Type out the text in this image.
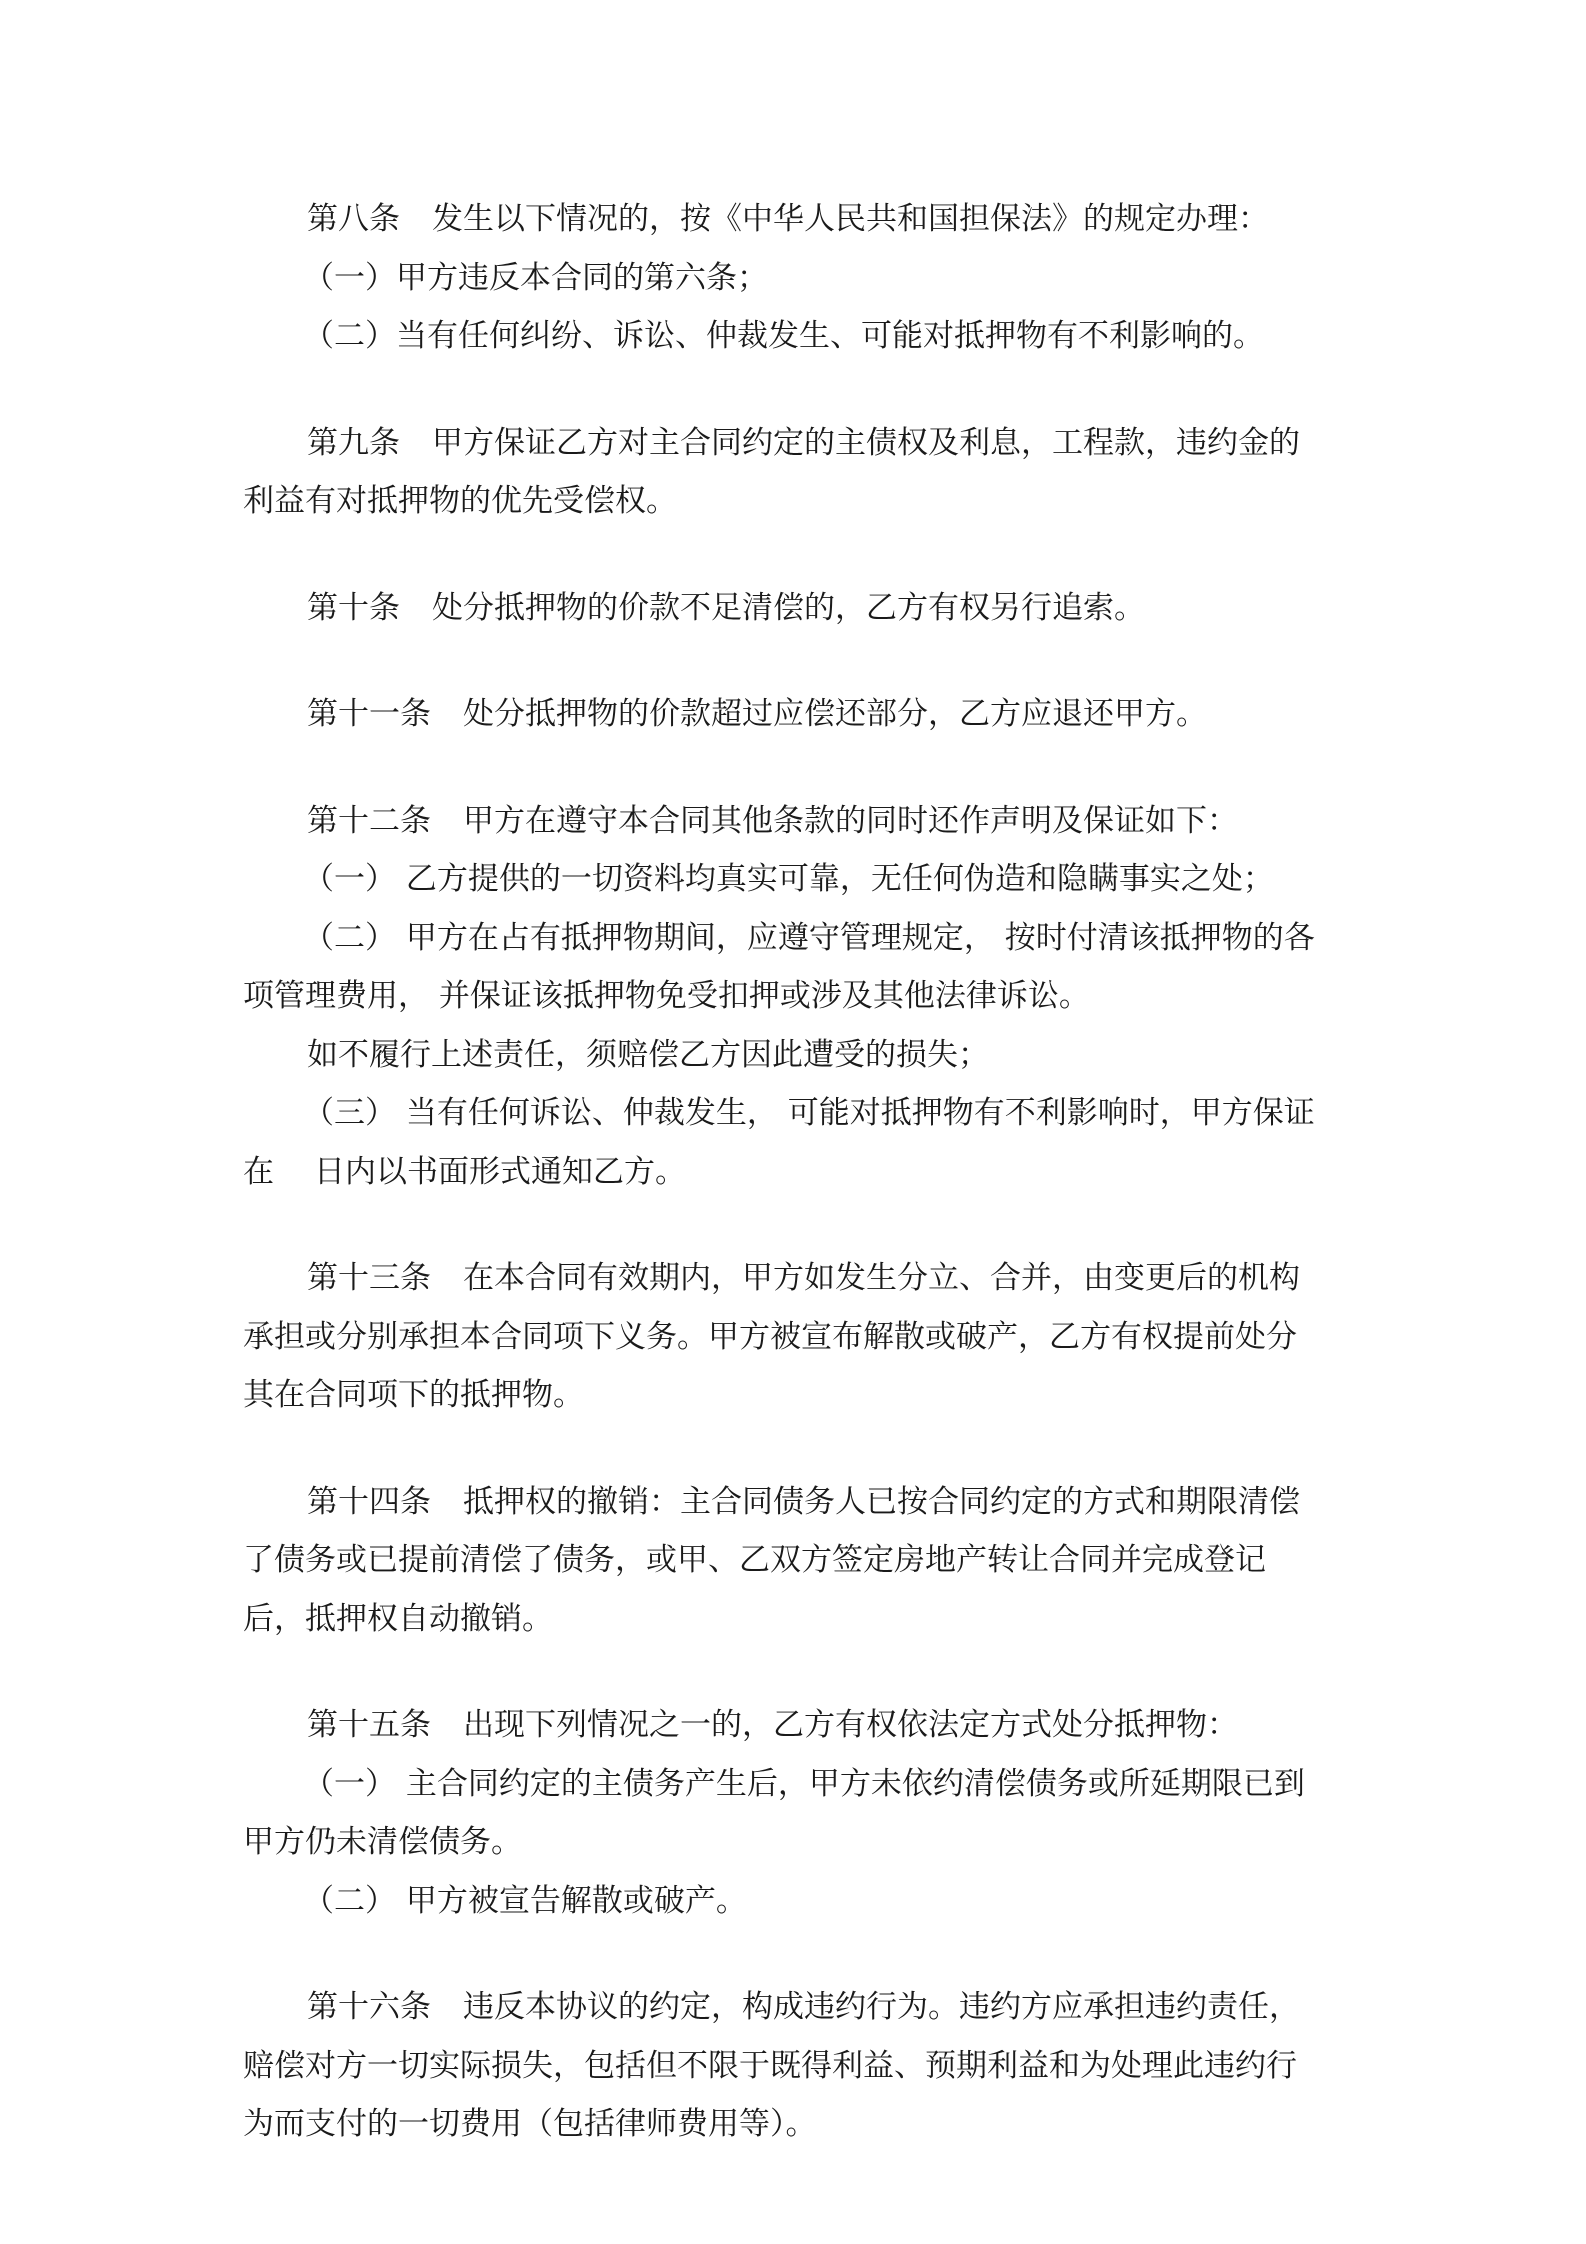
第八条 发生以下情况的，按《中华人民共和国担保法》的规定办理：
（一）甲方违反本合同的第六条；
（二）当有任何纠纷、诉讼、仲裁发生、可能对抵押物有不利影响的。
第九条 甲方保证乙方对主合同约定的主债权及利息，工程款，违约金的
利益有对抵押物的优先受偿权。
第十条 处分抵押物的价款不足清偿的，乙方有权另行追索。
第十一条 处分抵押物的价款超过应偿还部分，乙方应退还甲方。
第十二条 甲方在遵守本合同其他条款的同时还作声明及保证如下：
（一） 乙方提供的一切资料均真实可靠，无任何伪造和隐瞒事实之处；
（二） 甲方在占有抵押物期间，应遵守管理规定， 按时付清该抵押物的各
项管理费用， 并保证该抵押物免受扣押或涉及其他法律诉讼。
如不履行上述责任，须赔偿乙方因此遭受的损失；
（三） 当有任何诉讼、仲裁发生， 可能对抵押物有不利影响时，甲方保证
在 日内以书面形式通知乙方。
第十三条 在本合同有效期内，甲方如发生分立、合并，由变更后的机构
承担或分别承担本合同项下义务。甲方被宣布解散或破产，乙方有权提前处分
其在合同项下的抵押物。
第十四条 抵押权的撤销：主合同债务人已按合同约定的方式和期限清偿
了债务或已提前清偿了债务，或甲、乙双方签定房地产转让合同并完成登记
后，抵押权自动撤销。
第十五条 出现下列情况之一的，乙方有权依法定方式处分抵押物：
（一） 主合同约定的主债务产生后，甲方未依约清偿债务或所延期限已到
甲方仍未清偿债务。
（二） 甲方被宣告解散或破产。
第十六条 违反本协议的约定，构成违约行为。违约方应承担违约责任，
赔偿对方一切实际损失，包括但不限于既得利益、预期利益和为处理此违约行
为而支付的一切费用（包括律师费用等）。
